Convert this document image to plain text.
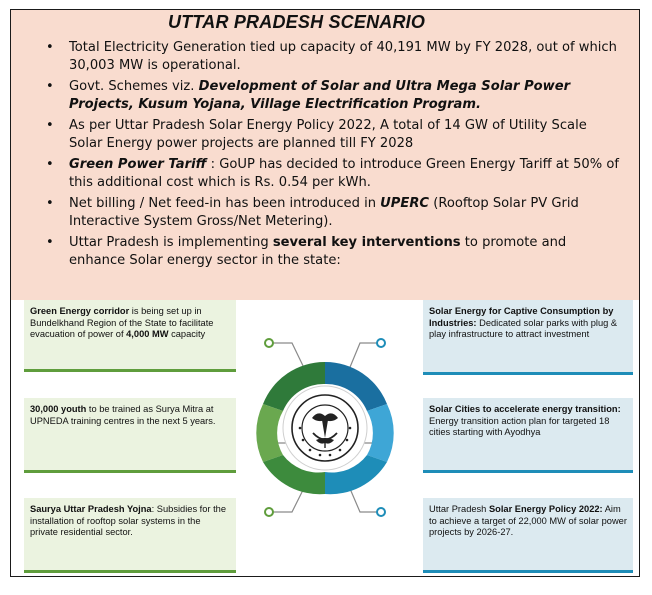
UTTAR PRADESH SCENARIO
• Total Electricity Generation tied up capacity of 40,191 MW by FY 2028, out of which 30,003 MW is operational.
• Govt. Schemes viz. Development of Solar and Ultra Mega Solar Power Projects, Kusum Yojana, Village Electrification Program.
• As per Uttar Pradesh Solar Energy Policy 2022, A total of 14 GW of Utility Scale Solar Energy power projects are planned till FY 2028
• Green Power Tariff : GoUP has decided to introduce Green Energy Tariff at 50% of this additional cost which is Rs. 0.54 per kWh.
• Net billing / Net feed-in has been introduced in UPERC (Rooftop Solar PV Grid Interactive System Gross/Net Metering).
• Uttar Pradesh is implementing several key interventions to promote and enhance Solar energy sector in the state:
Green Energy corridor is being set up in Bundelkhand Region of the State to facilitate evacuation of power of 4,000 MW capacity
30,000 youth to be trained as Surya Mitra at UPNEDA training centres in the next 5 years.
Saurya Uttar Pradesh Yojna: Subsidies for the installation of rooftop solar systems in the private residential sector.
Solar Energy for Captive Consumption by Industries: Dedicated solar parks with plug & play infrastructure to attract investment
Solar Cities to accelerate energy transition: Energy transition action plan for targeted 18 cities starting with Ayodhya
Uttar Pradesh Solar Energy Policy 2022: Aim to achieve a target of 22,000 MW of solar power projects by 2026-27.
